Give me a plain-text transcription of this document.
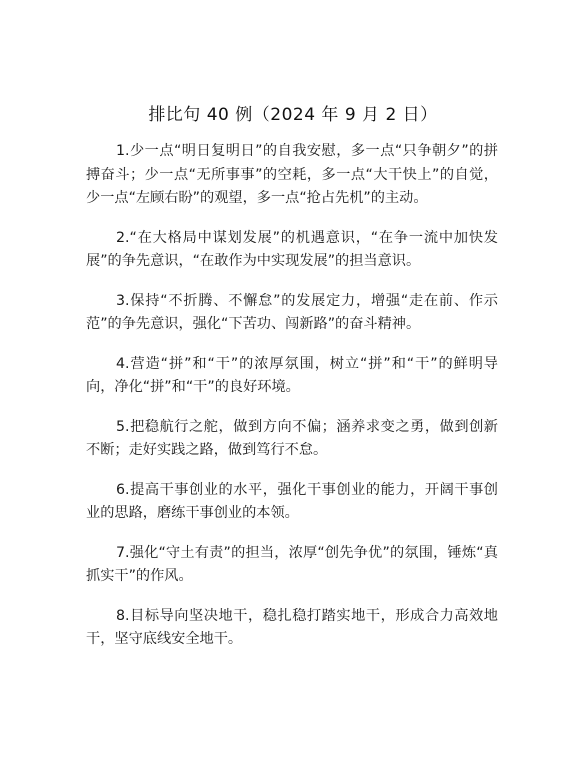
排比句 40 例（2024 年 9 月 2 日）

1.少一点“明日复明日”的自我安慰，多一点“只争朝夕”的拼搏奋斗；少一点“无所事事”的空耗，多一点“大干快上”的自觉，少一点“左顾右盼”的观望，多一点“抢占先机”的主动。

2.“在大格局中谋划发展”的机遇意识，“在争一流中加快发展”的争先意识，“在敢作为中实现发展”的担当意识。

3.保持“不折腾、不懈怠”的发展定力，增强“走在前、作示范”的争先意识，强化“下苦功、闯新路”的奋斗精神。

4.营造“拼”和“干”的浓厚氛围，树立“拼”和“干”的鲜明导向，净化“拼”和“干”的良好环境。

5.把稳航行之舵，做到方向不偏；涵养求变之勇，做到创新不断；走好实践之路，做到笃行不怠。

6.提高干事创业的水平，强化干事创业的能力，开阔干事创业的思路，磨练干事创业的本领。

7.强化“守土有责”的担当，浓厚“创先争优”的氛围，锤炼“真抓实干”的作风。

8.目标导向坚决地干，稳扎稳打踏实地干，形成合力高效地干，坚守底线安全地干。
